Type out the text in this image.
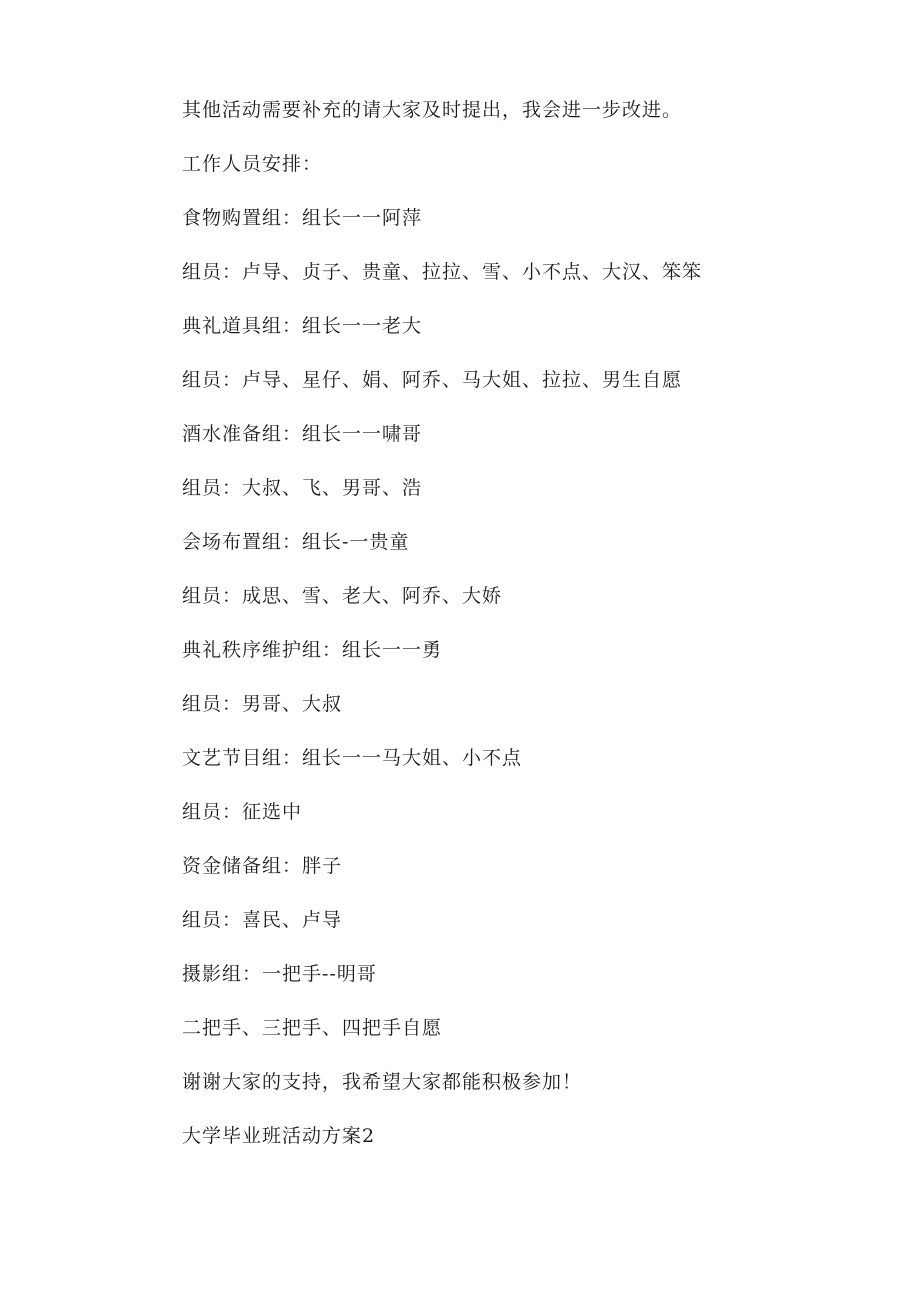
其他活动需要补充的请大家及时提出，我会进一步改进。
工作人员安排：
食物购置组：组长一一阿萍
组员：卢导、贞子、贵童、拉拉、雪、小不点、大汉、笨笨
典礼道具组：组长一一老大
组员：卢导、星仔、娟、阿乔、马大姐、拉拉、男生自愿
酒水准备组：组长一一啸哥
组员：大叔、飞、男哥、浩
会场布置组：组长-一贵童
组员：成思、雪、老大、阿乔、大娇
典礼秩序维护组：组长一一勇
组员：男哥、大叔
文艺节目组：组长一一马大姐、小不点
组员：征选中
资金储备组：胖子
组员：喜民、卢导
摄影组：一把手--明哥
二把手、三把手、四把手自愿
谢谢大家的支持，我希望大家都能积极参加！
大学毕业班活动方案2
